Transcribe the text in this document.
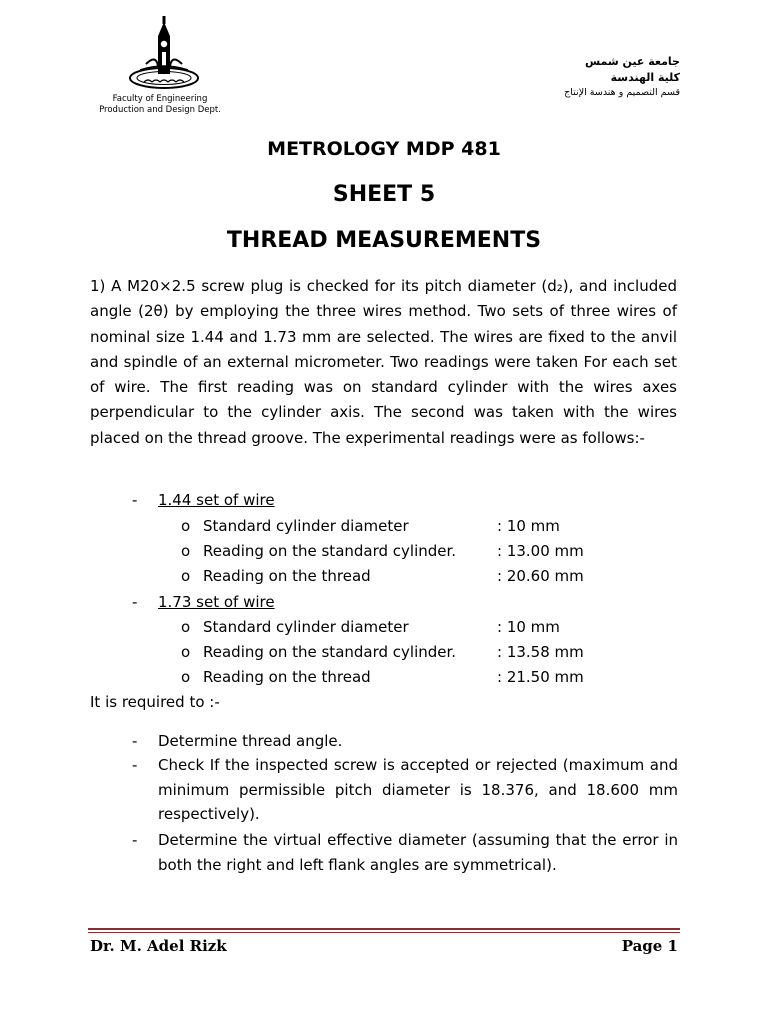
Faculty of Engineering
Production and Design Dept.
جامعة عين شمس
كلية الهندسة
قسم التصميم و هندسة الإنتاج
METROLOGY MDP 481
SHEET 5
THREAD MEASUREMENTS
1) A M20×2.5 screw plug is checked for its pitch diameter (d₂), and included angle (2θ) by employing the three wires method. Two sets of three wires of nominal size 1.44 and 1.73 mm are selected. The wires are fixed to the anvil and spindle of an external micrometer. Two readings were taken For each set of wire. The first reading was on standard cylinder with the wires axes perpendicular to the cylinder axis. The second was taken with the wires placed on the thread groove. The experimental readings were as follows:-
- 1.44 set of wire
o Standard cylinder diameter	: 10 mm
o Reading on the standard cylinder.	: 13.00 mm
o Reading on the thread	: 20.60 mm
- 1.73 set of wire
o Standard cylinder diameter	: 10 mm
o Reading on the standard cylinder.	: 13.58 mm
o Reading on the thread	: 21.50 mm
It is required to :-
- Determine thread angle.
- Check If the inspected screw is accepted or rejected (maximum and minimum permissible pitch diameter is 18.376, and 18.600 mm respectively).
- Determine the virtual effective diameter (assuming that the error in both the right and left flank angles are symmetrical).
Dr. M. Adel Rizk	Page 1
